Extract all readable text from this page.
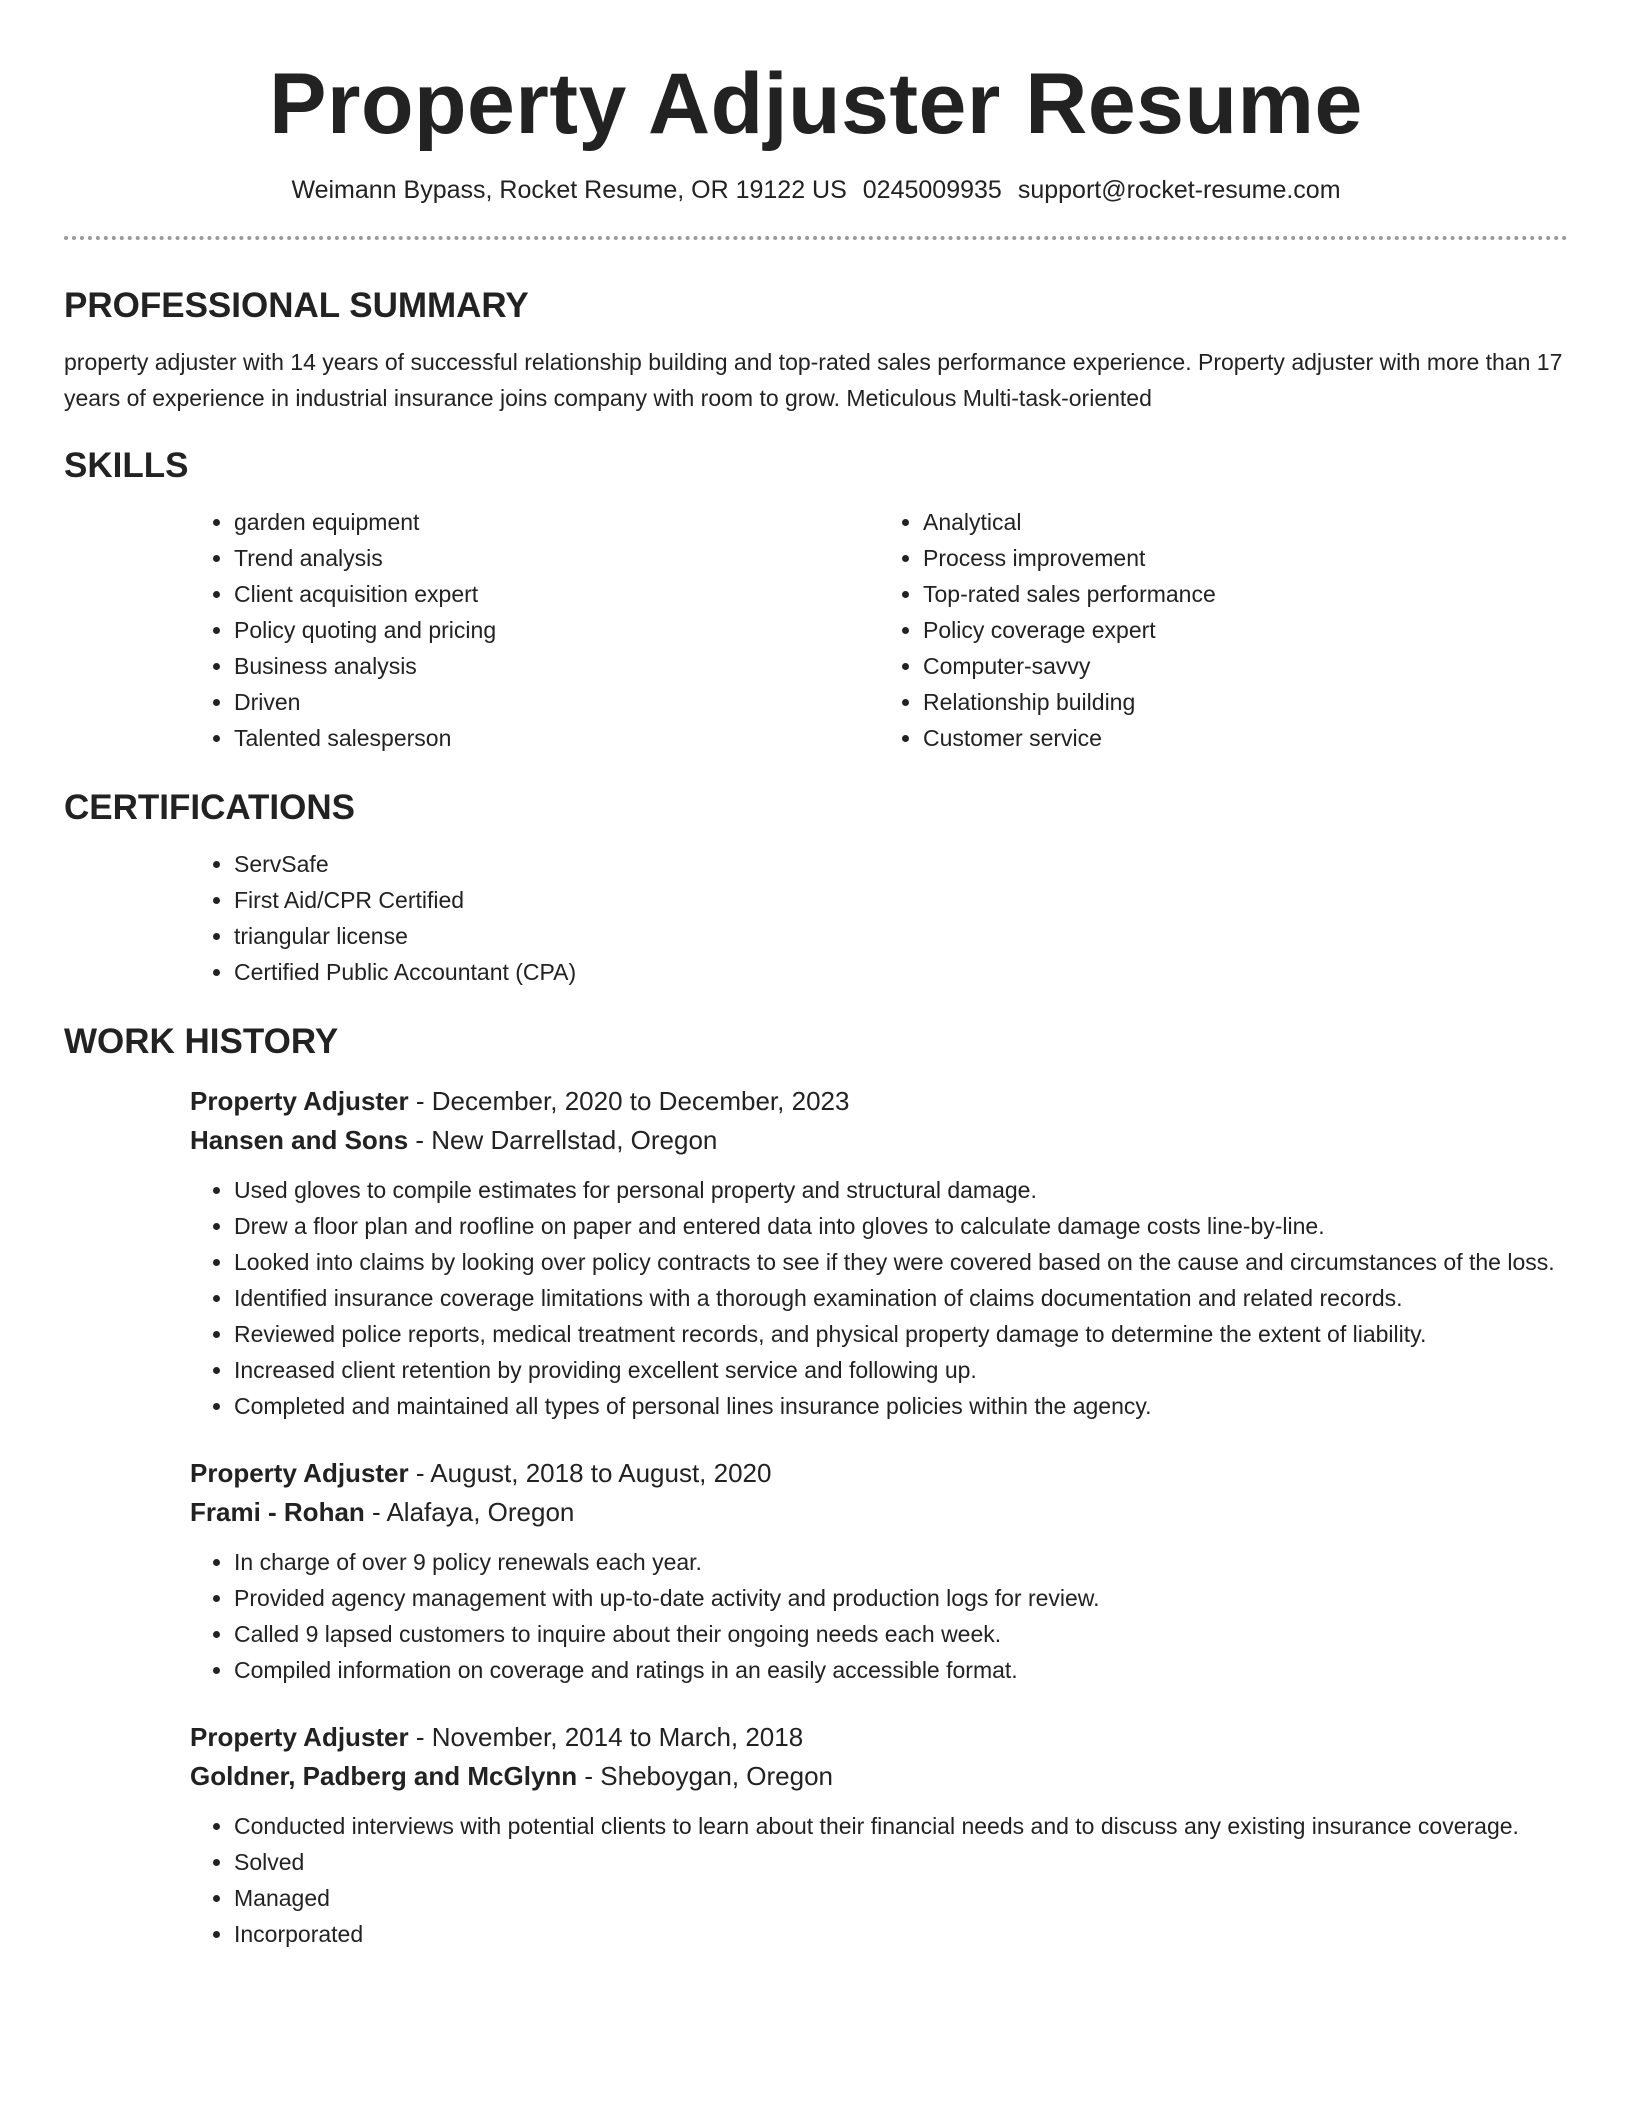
Property Adjuster Resume
Weimann Bypass, Rocket Resume, OR 19122 US 0245009935 support@rocket-resume.com
PROFESSIONAL SUMMARY

property adjuster with 14 years of successful relationship building and top-rated sales performance experience. Property adjuster with more than 17 years of experience in industrial insurance joins company with room to grow. Meticulous Multi-task-oriented

SKILLS
• garden equipment
• Trend analysis
• Client acquisition expert
• Policy quoting and pricing
• Business analysis
• Driven
• Talented salesperson
• Analytical
• Process improvement
• Top-rated sales performance
• Policy coverage expert
• Computer-savvy
• Relationship building
• Customer service
CERTIFICATIONS
• ServSafe
• First Aid/CPR Certified
• triangular license
• Certified Public Accountant (CPA)
WORK HISTORY

Property Adjuster - December, 2020 to December, 2023

Hansen and Sons - New Darrellstad, Oregon

• Used gloves to compile estimates for personal property and structural damage.
• Drew a floor plan and roofline on paper and entered data into gloves to calculate damage costs line-by-line.
• Looked into claims by looking over policy contracts to see if they were covered based on the cause and circumstances of the loss.
• Identified insurance coverage limitations with a thorough examination of claims documentation and related records.
• Reviewed police reports, medical treatment records, and physical property damage to determine the extent of liability.
• Increased client retention by providing excellent service and following up.
• Completed and maintained all types of personal lines insurance policies within the agency.

Property Adjuster - August, 2018 to August, 2020

Frami - Rohan - Alafaya, Oregon

• In charge of over 9 policy renewals each year.
• Provided agency management with up-to-date activity and production logs for review.
• Called 9 lapsed customers to inquire about their ongoing needs each week.
• Compiled information on coverage and ratings in an easily accessible format.

Property Adjuster - November, 2014 to March, 2018

Goldner, Padberg and McGlynn - Sheboygan, Oregon

• Conducted interviews with potential clients to learn about their financial needs and to discuss any existing insurance coverage.
• Solved
• Managed
• Incorporated
